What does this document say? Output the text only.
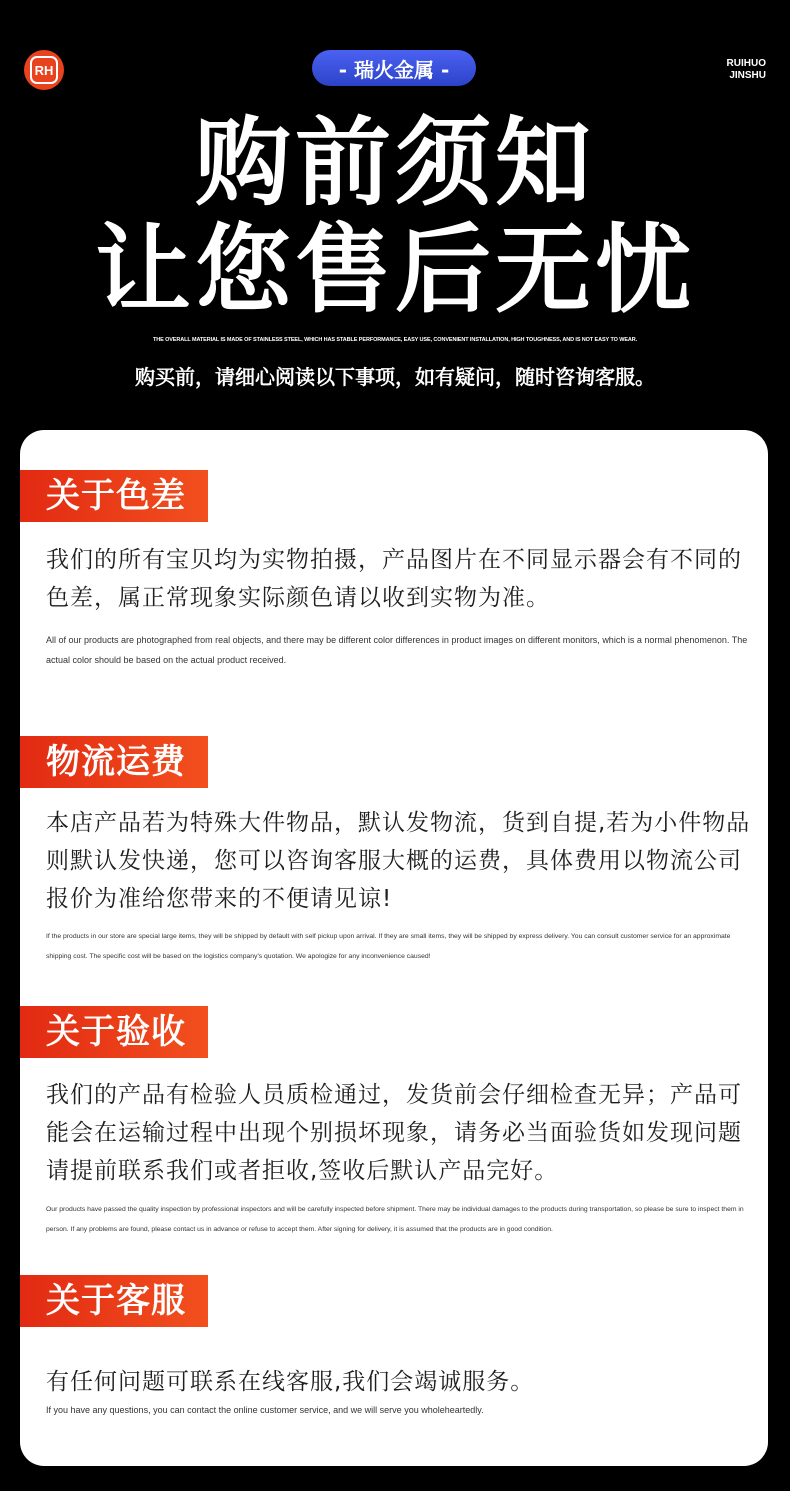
RH	- 瑞火金属 -	RUIHUO
JINSHU
购前须知
让您售后无忧
THE OVERALL MATERIAL IS MADE OF STAINLESS STEEL, WHICH HAS STABLE PERFORMANCE, EASY USE, CONVENIENT INSTALLATION, HIGH TOUGHNESS, AND IS NOT EASY TO WEAR.
购买前，请细心阅读以下事项，如有疑问，随时咨询客服。
关于色差
我们的所有宝贝均为实物拍摄，产品图片在不同显示器会有不同的色差，属正常现象实际颜色请以收到实物为准。
All of our products are photographed from real objects, and there may be different color differences in product images on different monitors, which is a normal phenomenon. The actual color should be based on the actual product received.
物流运费
本店产品若为特殊大件物品，默认发物流，货到自提,若为小件物品则默认发快递，您可以咨询客服大概的运费，具体费用以物流公司报价为准给您带来的不便请见谅!
If the products in our store are special large items, they will be shipped by default with self pickup upon arrival. If they are small items, they will be shipped by express delivery. You can consult customer service for an approximate shipping cost. The specific cost will be based on the logistics company's quotation. We apologize for any inconvenience caused!
关于验收
我们的产品有检验人员质检通过，发货前会仔细检查无异；产品可能会在运输过程中出现个别损坏现象，请务必当面验货如发现问题请提前联系我们或者拒收,签收后默认产品完好。
Our products have passed the quality inspection by professional inspectors and will be carefully inspected before shipment. There may be individual damages to the products during transportation, so please be sure to inspect them in person. If any problems are found, please contact us in advance or refuse to accept them. After signing for delivery, it is assumed that the products are in good condition.
关于客服
有任何问题可联系在线客服,我们会竭诚服务。
If you have any questions, you can contact the online customer service, and we will serve you wholeheartedly.
